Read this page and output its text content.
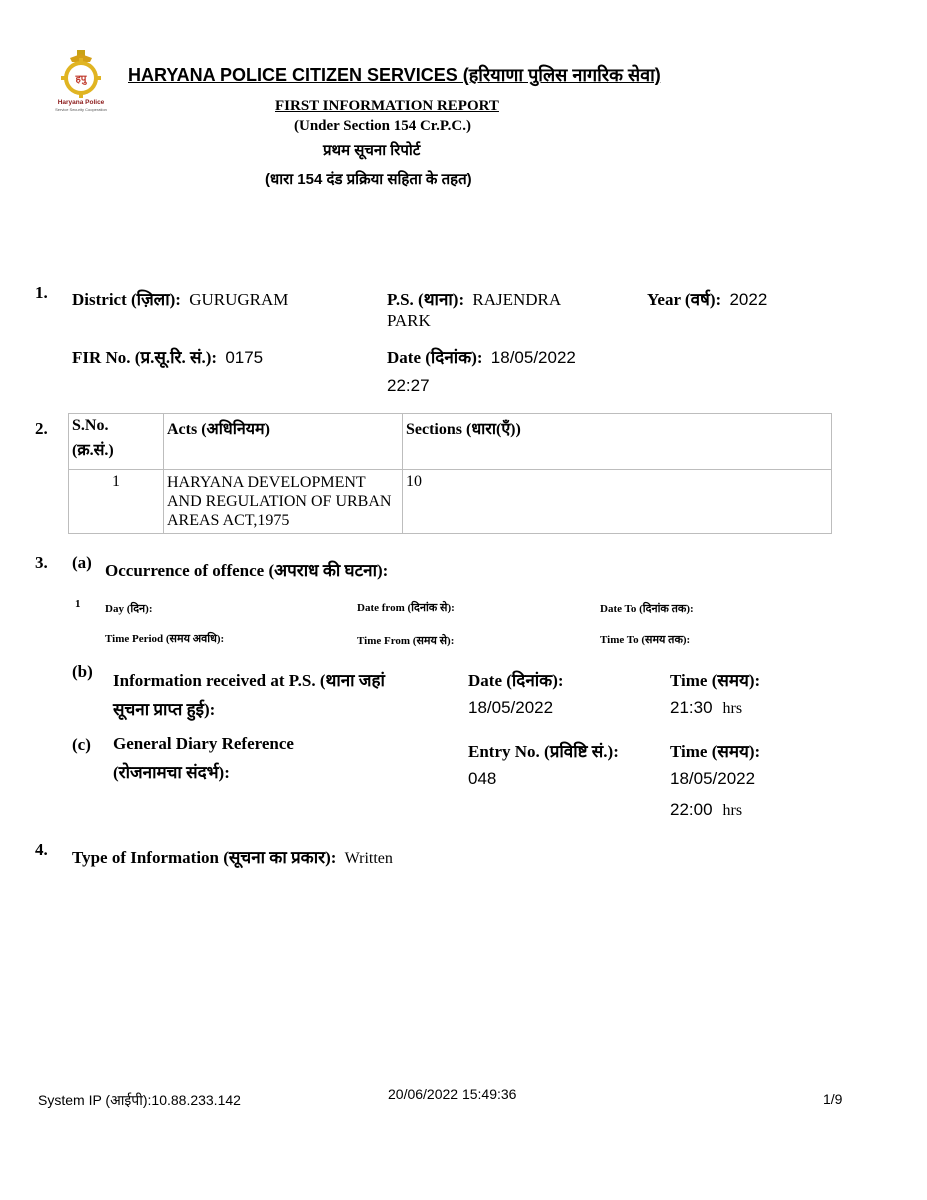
हपु
Haryana Police
Service Security Cooperation
HARYANA POLICE CITIZEN SERVICES (हरियाणा पुलिस नागरिक सेवा)
FIRST INFORMATION REPORT
(Under Section 154 Cr.P.C.)
प्रथम सूचना रिपोर्ट
(धारा 154 दंड प्रक्रिया सहिता के तहत)
1. District (ज़िला): GURUGRAM	P.S. (थाना): RAJENDRA
PARK
Year (वर्ष): 2022
FIR No. (प्र.सू.रि. सं.): 0175	Date (दिनांक): 18/05/2022
22:27
2. S.No.
(क्र.सं.)	Acts (अधिनियम)	Sections (धारा(एँ))
1	HARYANA DEVELOPMENT AND REGULATION OF URBAN AREAS ACT,1975	10
3. (a) Occurrence of offence (अपराध की घटना):
1 Day (दिन):	Date from (दिनांक से):	Date To (दिनांक तक):
Time Period (समय अवधि):	Time From (समय से):	Time To (समय तक):
(b) Information received at P.S. (थाना जहां
सूचना प्राप्त हुई):
Date (दिनांक):
18/05/2022
Time (समय):
21:30 hrs
(c) General Diary Reference
(रोजनामचा संदर्भ):
Entry No. (प्रविष्टि सं.):
048
Time (समय):
18/05/2022
22:00 hrs
4. Type of Information (सूचना का प्रकार): Written
System IP (आईपी):10.88.233.142	20/06/2022 15:49:36	1/9
